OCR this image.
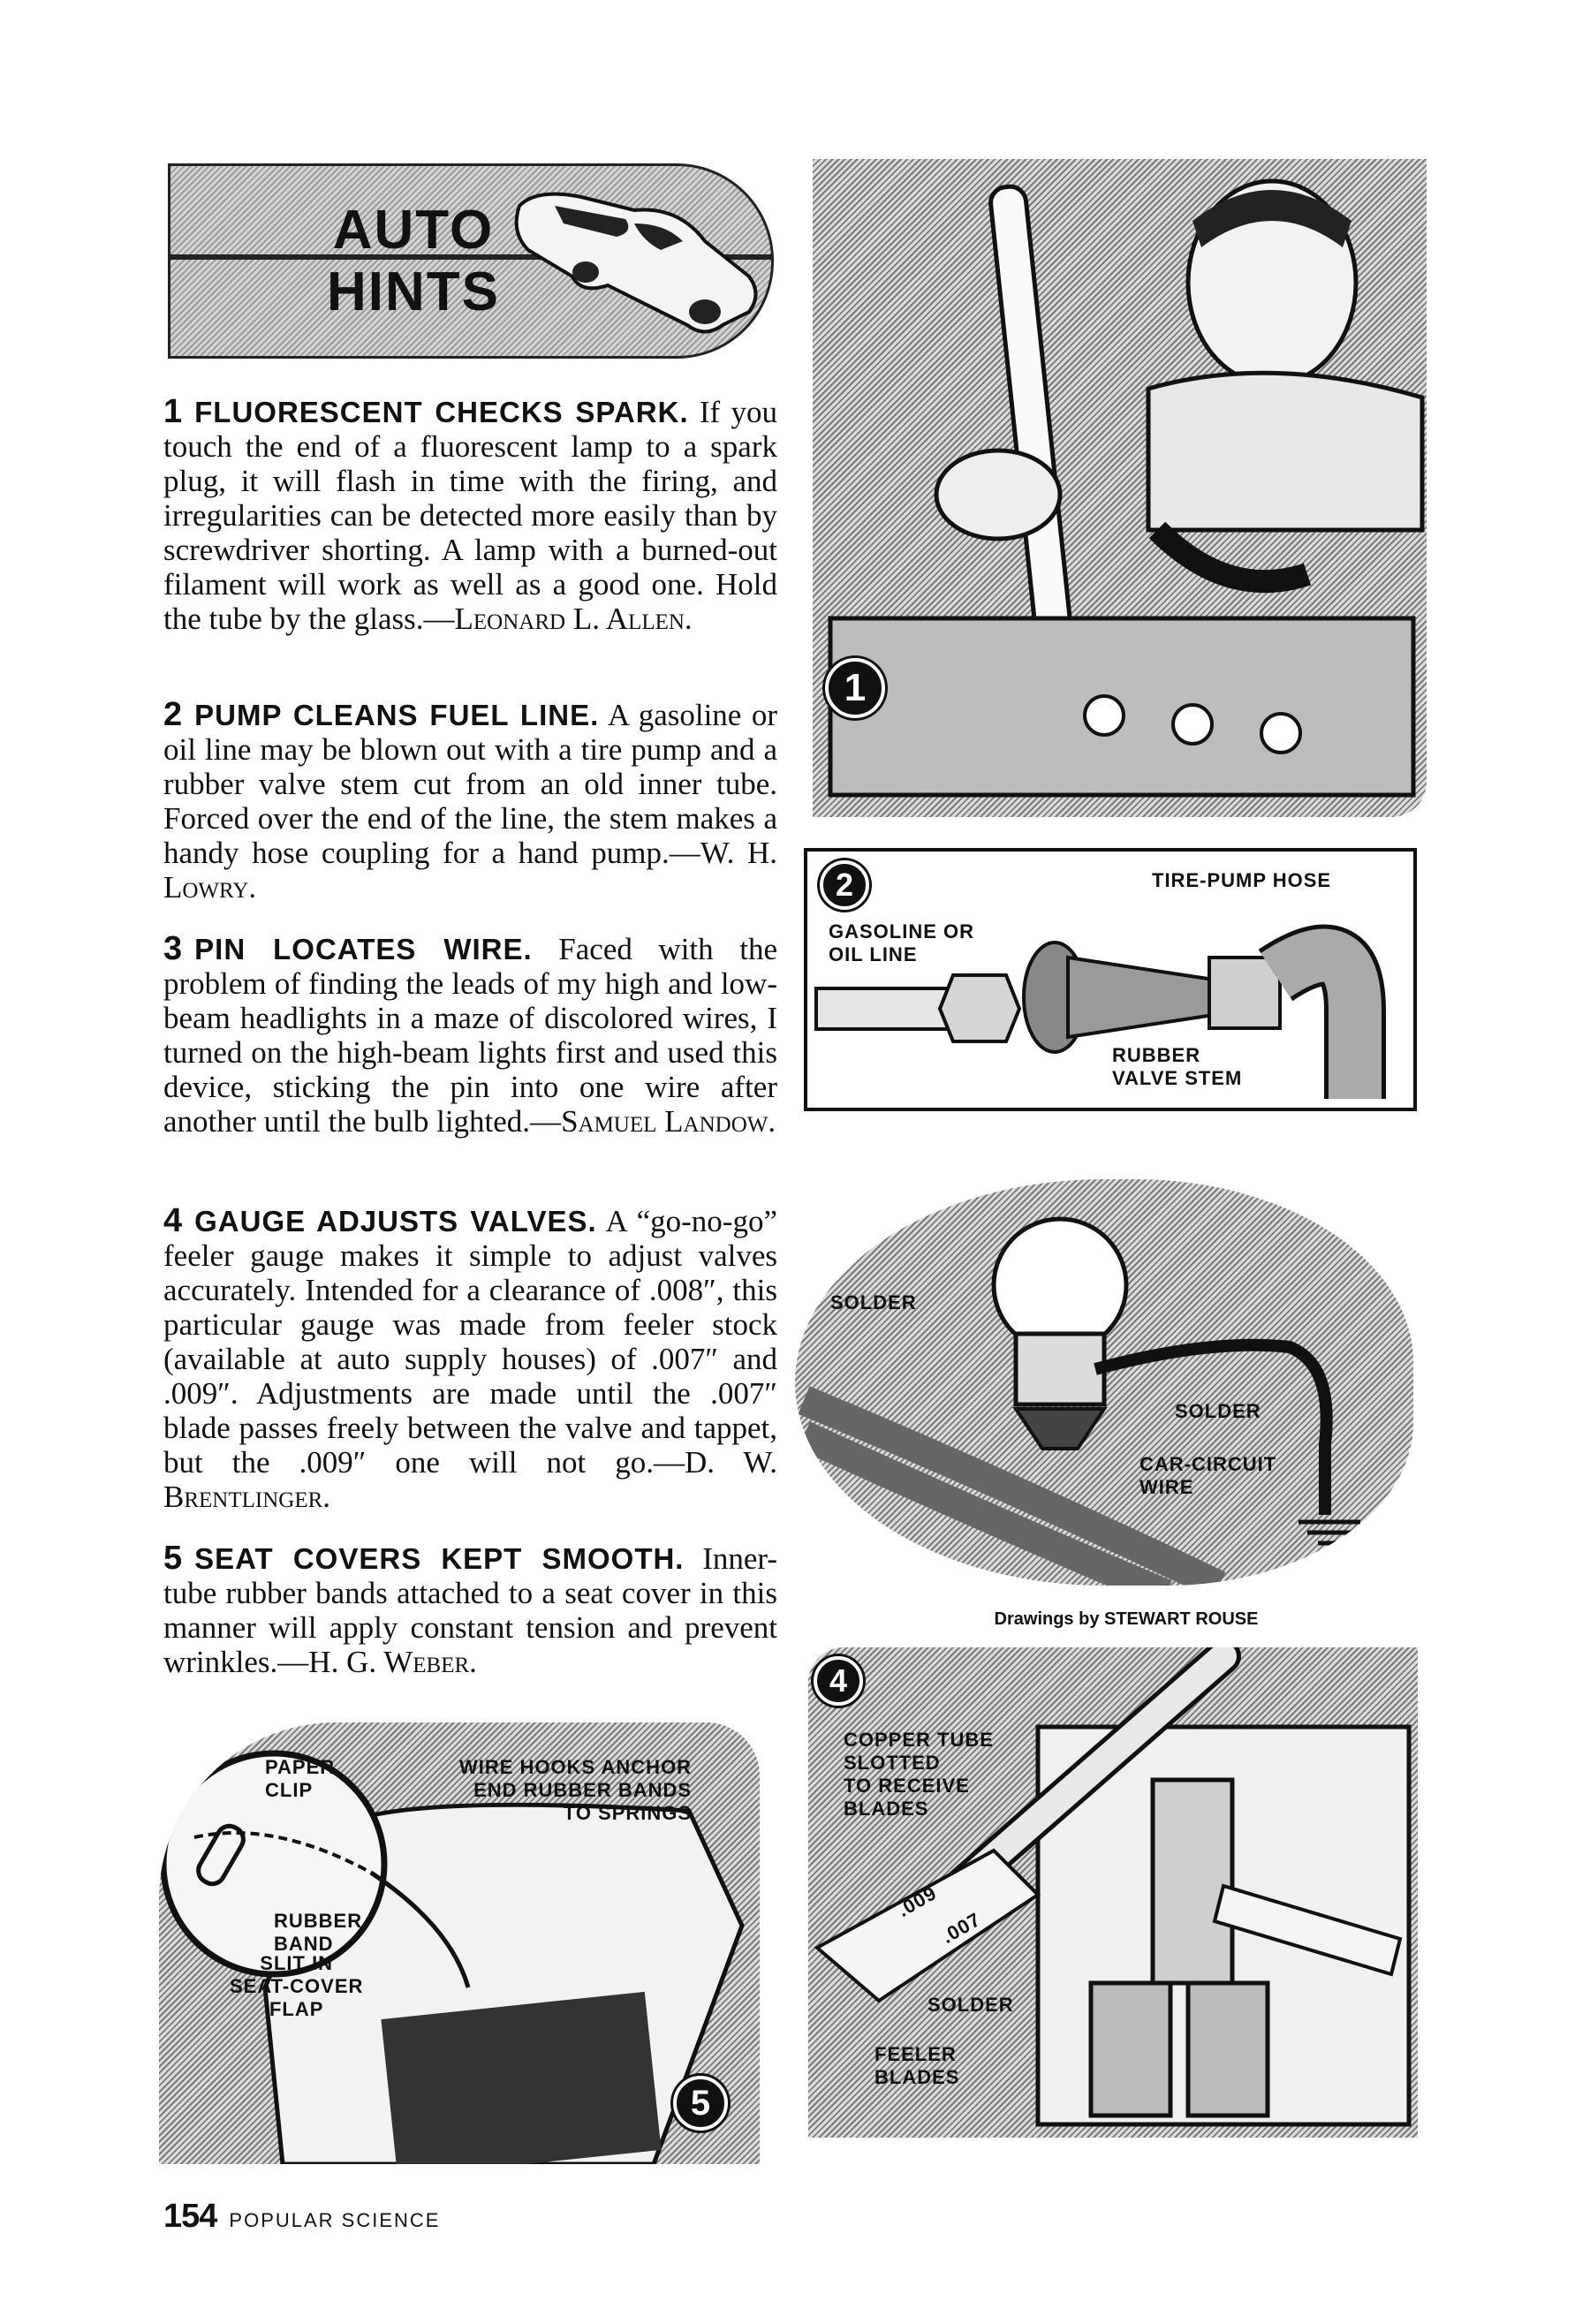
AUTO
HINTS

1 FLUORESCENT CHECKS SPARK. If you touch the end of a fluorescent lamp to a spark plug, it will flash in time with the firing, and irregularities can be detected more easily than by screwdriver shorting. A lamp with a burned-out filament will work as well as a good one. Hold the tube by the glass.—Leonard L. Allen.

2 PUMP CLEANS FUEL LINE. A gasoline or oil line may be blown out with a tire pump and a rubber valve stem cut from an old inner tube. Forced over the end of the line, the stem makes a handy hose coupling for a hand pump.—W. H. Lowry.

3 PIN LOCATES WIRE. Faced with the problem of finding the leads of my high and low-beam headlights in a maze of discolored wires, I turned on the high-beam lights first and used this device, sticking the pin into one wire after another until the bulb lighted.—Samuel Landow.

4 GAUGE ADJUSTS VALVES. A “go-no-go” feeler gauge makes it simple to adjust valves accurately. Intended for a clearance of .008″, this particular gauge was made from feeler stock (available at auto supply houses) of .007″ and .009″. Adjustments are made until the .007″ blade passes freely between the valve and tappet, but the .009″ one will not go.—D. W. Brentlinger.

5 SEAT COVERS KEPT SMOOTH. Inner-tube rubber bands attached to a seat cover in this manner will apply constant tension and prevent wrinkles.—H. G. Weber.

1
2
GASOLINE OR
OIL LINE
TIRE-PUMP HOSE
RUBBER
VALVE STEM
3
SOLDER
SOLDER
CAR-CIRCUIT
WIRE
Drawings by STEWART ROUSE
4
COPPER TUBE
SLOTTED
TO RECEIVE
BLADES
SOLDER
FEELER
BLADES
.009
.007
PAPER
CLIP
RUBBER
BAND
SLIT IN
SEAT-COVER
FLAP
WIRE HOOKS ANCHOR
END RUBBER BANDS
TO SPRINGS
5
154 POPULAR SCIENCE
